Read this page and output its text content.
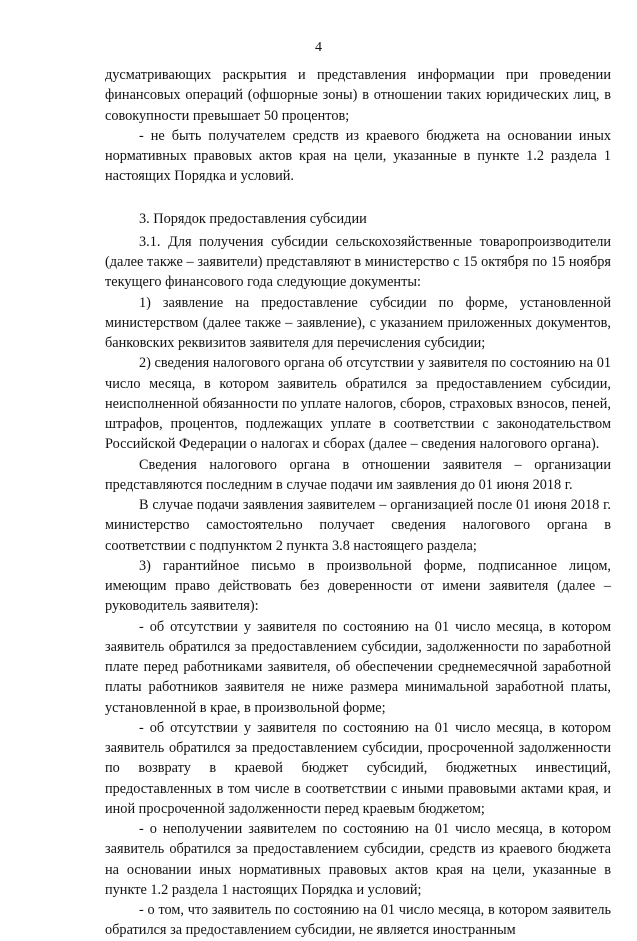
4

дусматривающих раскрытия и представления информации при проведении финансовых операций (офшорные зоны) в отношении таких юридических лиц, в совокупности превышает 50 процентов;

- не быть получателем средств из краевого бюджета на основании иных нормативных правовых актов края на цели, указанные в пункте 1.2 раздела 1 настоящих Порядка и условий.

3. Порядок предоставления субсидии

3.1. Для получения субсидии сельскохозяйственные товаропроизводители (далее также – заявители) представляют в министерство с 15 октября по 15 ноября текущего финансового года следующие документы:

1) заявление на предоставление субсидии по форме, установленной министерством (далее также – заявление), с указанием приложенных документов, банковских реквизитов заявителя для перечисления субсидии;

2) сведения налогового органа об отсутствии у заявителя по состоянию на 01 число месяца, в котором заявитель обратился за предоставлением субсидии, неисполненной обязанности по уплате налогов, сборов, страховых взносов, пеней, штрафов, процентов, подлежащих уплате в соответствии с законодательством Российской Федерации о налогах и сборах (далее – сведения налогового органа).

Сведения налогового органа в отношении заявителя – организации представляются последним в случае подачи им заявления до 01 июня 2018 г.

В случае подачи заявления заявителем – организацией после 01 июня 2018 г. министерство самостоятельно получает сведения налогового органа в соответствии с подпунктом 2 пункта 3.8 настоящего раздела;

3) гарантийное письмо в произвольной форме, подписанное лицом, имеющим право действовать без доверенности от имени заявителя (далее – руководитель заявителя):

- об отсутствии у заявителя по состоянию на 01 число месяца, в котором заявитель обратился за предоставлением субсидии, задолженности по заработной плате перед работниками заявителя, об обеспечении среднемесячной заработной платы работников заявителя не ниже размера минимальной заработной платы, установленной в крае, в произвольной форме;

- об отсутствии у заявителя по состоянию на 01 число месяца, в котором заявитель обратился за предоставлением субсидии, просроченной задолженности по возврату в краевой бюджет субсидий, бюджетных инвестиций, предоставленных в том числе в соответствии с иными правовыми актами края, и иной просроченной задолженности перед краевым бюджетом;

- о неполучении заявителем по состоянию на 01 число месяца, в котором заявитель обратился за предоставлением субсидии, средств из краевого бюджета на основании иных нормативных правовых актов края на цели, указанные в пункте 1.2 раздела 1 настоящих Порядка и условий;

- о том, что заявитель по состоянию на 01 число месяца, в котором заявитель обратился за предоставлением субсидии, не является иностранным
